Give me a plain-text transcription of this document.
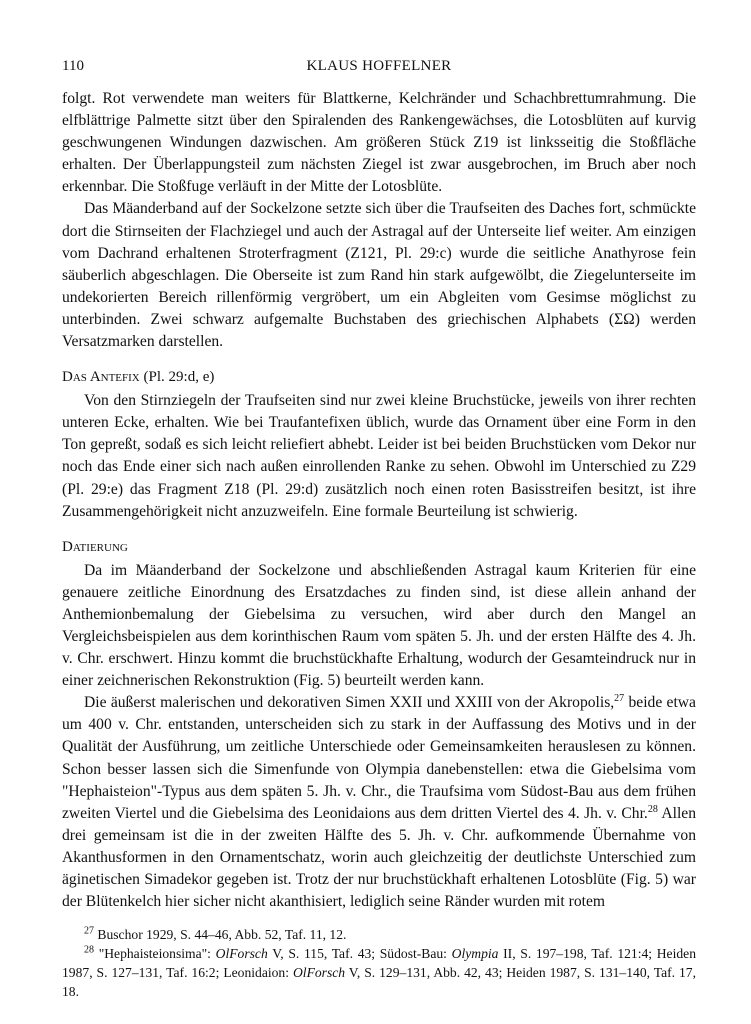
110	KLAUS HOFFELNER

folgt. Rot verwendete man weiters für Blattkerne, Kelchränder und Schachbrettumrahmung. Die elfblättrige Palmette sitzt über den Spiralenden des Rankengewächses, die Lotosblüten auf kurvig geschwungenen Windungen dazwischen. Am größeren Stück Z19 ist linksseitig die Stoßfläche erhalten. Der Überlappungsteil zum nächsten Ziegel ist zwar ausgebrochen, im Bruch aber noch erkennbar. Die Stoßfuge verläuft in der Mitte der Lotosblüte.

Das Mäanderband auf der Sockelzone setzte sich über die Traufseiten des Daches fort, schmückte dort die Stirnseiten der Flachziegel und auch der Astragal auf der Unterseite lief weiter. Am einzigen vom Dachrand erhaltenen Stroterfragment (Z121, Pl. 29:c) wurde die seitliche Anathyrose fein säuberlich abgeschlagen. Die Oberseite ist zum Rand hin stark aufgewölbt, die Ziegelunterseite im undekorierten Bereich rillenförmig vergröbert, um ein Abgleiten vom Gesimse möglichst zu unterbinden. Zwei schwarz aufgemalte Buchstaben des griechischen Alphabets (ΣΩ) werden Versatzmarken darstellen.

Das Antefix (Pl. 29:d, e)

Von den Stirnziegeln der Traufseiten sind nur zwei kleine Bruchstücke, jeweils von ihrer rechten unteren Ecke, erhalten. Wie bei Traufantefixen üblich, wurde das Ornament über eine Form in den Ton gepreßt, sodaß es sich leicht reliefiert abhebt. Leider ist bei beiden Bruchstücken vom Dekor nur noch das Ende einer sich nach außen einrollenden Ranke zu sehen. Obwohl im Unterschied zu Z29 (Pl. 29:e) das Fragment Z18 (Pl. 29:d) zusätzlich noch einen roten Basisstreifen besitzt, ist ihre Zusammengehörigkeit nicht anzuzweifeln. Eine formale Beurteilung ist schwierig.

Datierung

Da im Mäanderband der Sockelzone und abschließenden Astragal kaum Kriterien für eine genauere zeitliche Einordnung des Ersatzdaches zu finden sind, ist diese allein anhand der Anthemionbemalung der Giebelsima zu versuchen, wird aber durch den Mangel an Vergleichsbeispielen aus dem korinthischen Raum vom späten 5. Jh. und der ersten Hälfte des 4. Jh. v. Chr. erschwert. Hinzu kommt die bruchstückhafte Erhaltung, wodurch der Gesamteindruck nur in einer zeichnerischen Rekonstruktion (Fig. 5) beurteilt werden kann.

Die äußerst malerischen und dekorativen Simen XXII und XXIII von der Akropolis,$^{27}$ beide etwa um 400 v. Chr. entstanden, unterscheiden sich zu stark in der Auffassung des Motivs und in der Qualität der Ausführung, um zeitliche Unterschiede oder Gemeinsamkeiten herauslesen zu können. Schon besser lassen sich die Simenfunde von Olympia danebenstellen: etwa die Giebelsima vom "Hephaisteion"-Typus aus dem späten 5. Jh. v. Chr., die Traufsima vom Südost-Bau aus dem frühen zweiten Viertel und die Giebelsima des Leonidaions aus dem dritten Viertel des 4. Jh. v. Chr.$^{28}$ Allen drei gemeinsam ist die in der zweiten Hälfte des 5. Jh. v. Chr. aufkommende Übernahme von Akanthusformen in den Ornamentschatz, worin auch gleichzeitig der deutlichste Unterschied zum äginetischen Simadekor gegeben ist. Trotz der nur bruchstückhaft erhaltenen Lotosblüte (Fig. 5) war der Blütenkelch hier sicher nicht akanthisiert, lediglich seine Ränder wurden mit rotem

$^{27}$ Buschor 1929, S. 44–46, Abb. 52, Taf. 11, 12.

$^{28}$ "Hephaisteionsima": OlForsch V, S. 115, Taf. 43; Südost-Bau: Olympia II, S. 197–198, Taf. 121:4; Heiden 1987, S. 127–131, Taf. 16:2; Leonidaion: OlForsch V, S. 129–131, Abb. 42, 43; Heiden 1987, S. 131–140, Taf. 17, 18.
